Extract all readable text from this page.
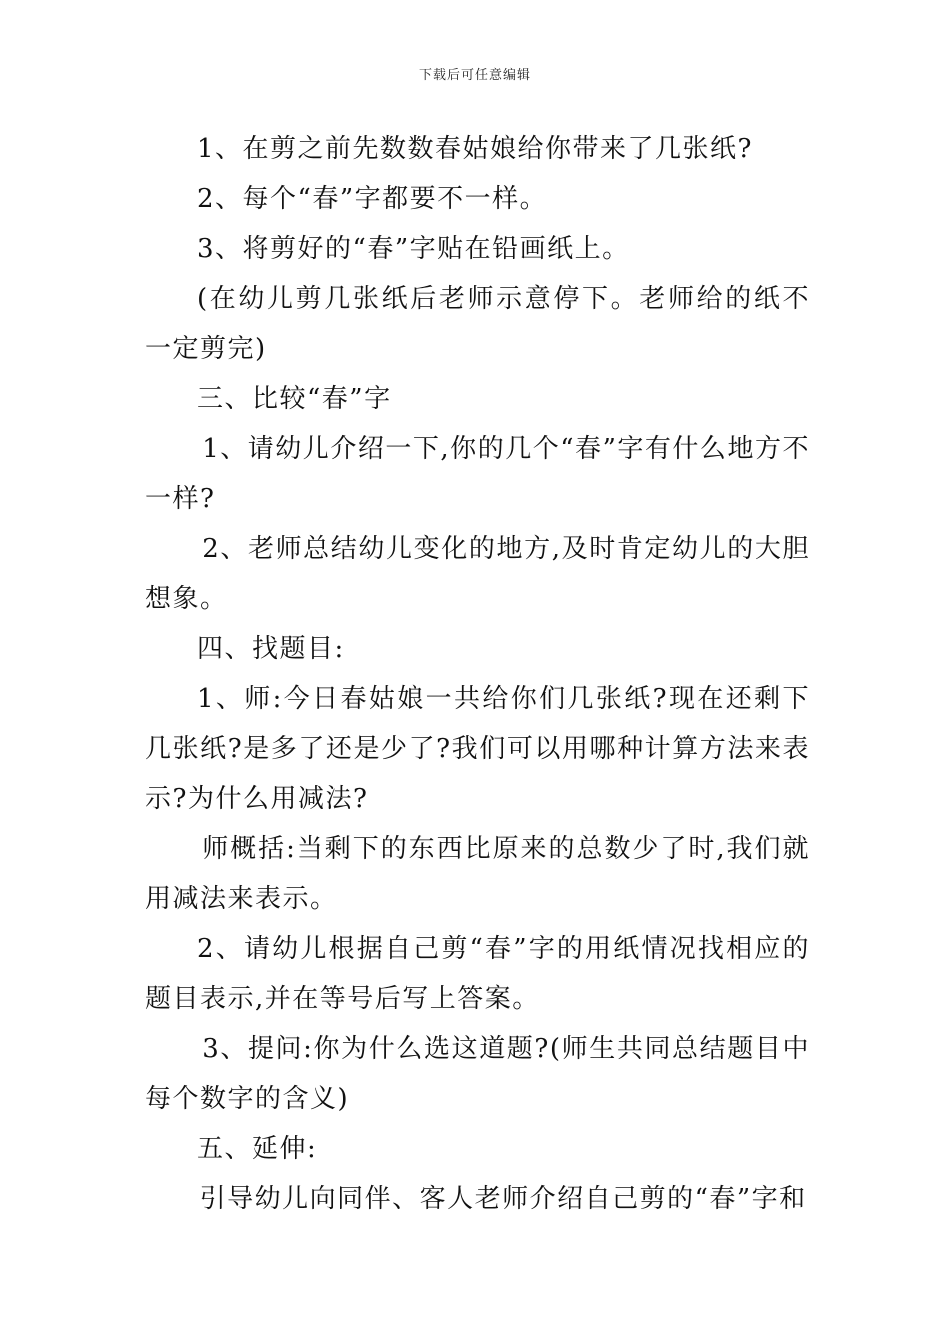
下载后可任意编辑

1、在剪之前先数数春姑娘给你带来了几张纸?

2、每个“春”字都要不一样。

3、将剪好的“春”字贴在铅画纸上。

(在幼儿剪几张纸后老师示意停下。老师给的纸不一定剪完)

三、比较“春”字

1、请幼儿介绍一下,你的几个“春”字有什么地方不一样?

2、老师总结幼儿变化的地方,及时肯定幼儿的大胆想象。

四、找题目:

1、师:今日春姑娘一共给你们几张纸?现在还剩下几张纸?是多了还是少了?我们可以用哪种计算方法来表示?为什么用减法?

师概括:当剩下的东西比原来的总数少了时,我们就用减法来表示。

2、请幼儿根据自己剪“春”字的用纸情况找相应的题目表示,并在等号后写上答案。

3、提问:你为什么选这道题?(师生共同总结题目中每个数字的含义)

五、延伸:

引导幼儿向同伴、客人老师介绍自己剪的“春”字和
